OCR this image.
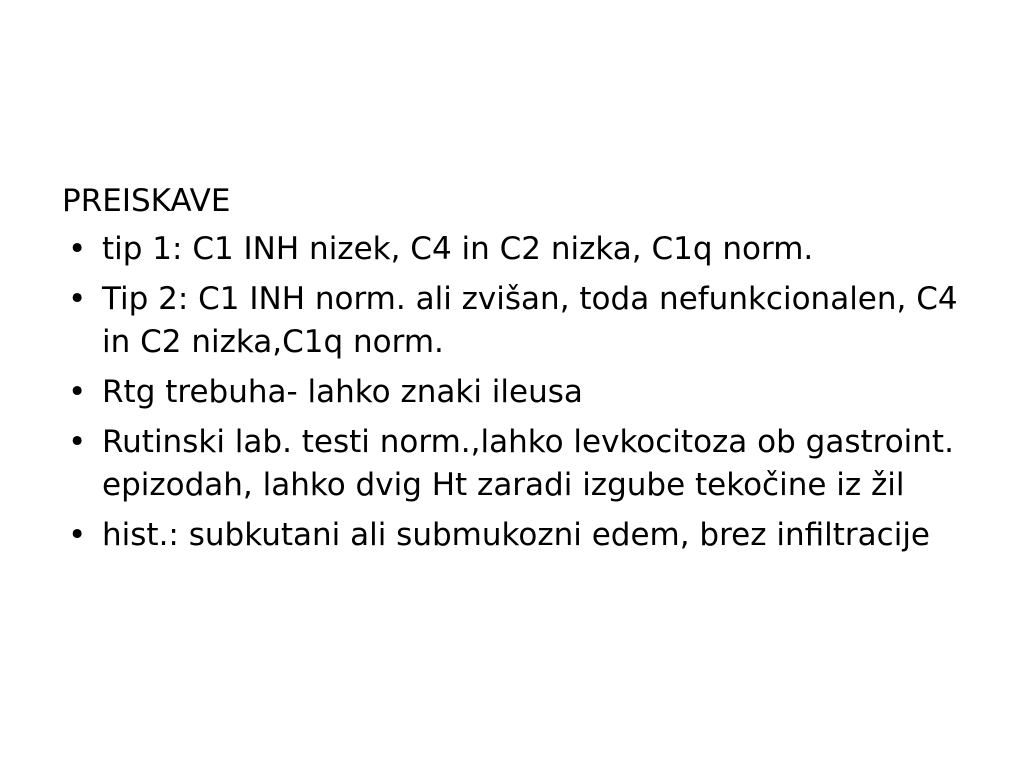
PREISKAVE
• tip 1: C1 INH nizek, C4 in C2 nizka, C1q norm.
• Tip 2: C1 INH norm. ali zvišan, toda nefunkcionalen, C4 in C2 nizka,C1q norm.
• Rtg trebuha- lahko znaki ileusa
• Rutinski lab. testi norm.,lahko levkocitoza ob gastroint. epizodah, lahko dvig Ht zaradi izgube tekočine iz žil
• hist.: subkutani ali submukozni edem, brez infiltracije
